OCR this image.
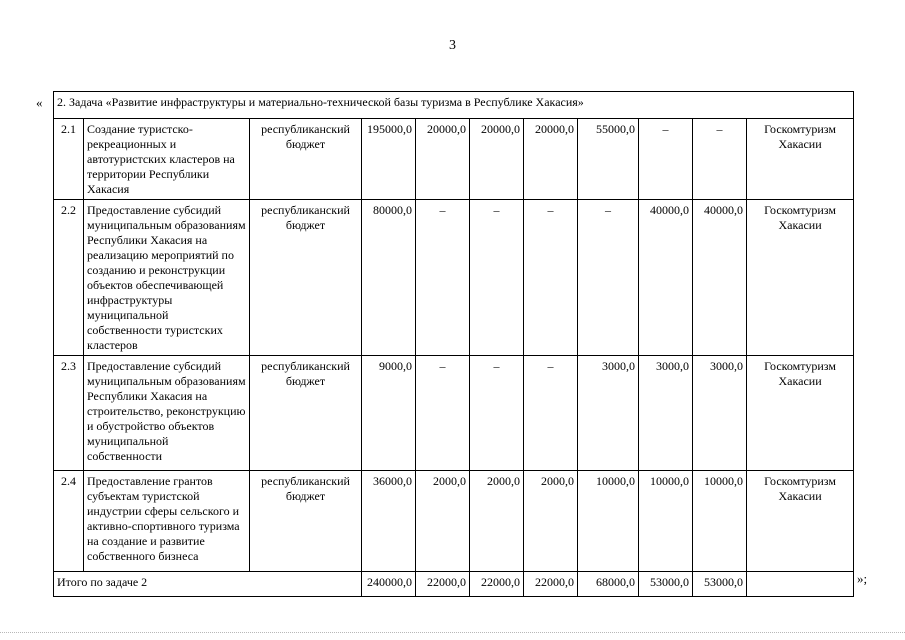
3
« 2. Задача «Развитие инфраструктуры и материально-технической базы туризма в Республике Хакасия»										
2.1	Создание туристско-рекреационных и автотуристских кластеров на территории Республики Хакасия	республиканский бюджет	195000,0	20000,0	20000,0	20000,0	55000,0	–	–	Госкомтуризм Хакасии
2.2	Предоставление субсидий муниципальным образованиям Республики Хакасия на реализацию мероприятий по созданию и реконструкции объектов обеспечивающей инфраструктуры муниципальной собственности туристских кластеров	республиканский бюджет	80000,0	–	–	–	–	40000,0	40000,0	Госкомтуризм Хакасии
2.3	Предоставление субсидий муниципальным образованиям Республики Хакасия на строительство, реконструкцию и обустройство объектов муниципальной собственности	республиканский бюджет	9000,0	–	–	–	3000,0	3000,0	3000,0	Госкомтуризм Хакасии
2.4	Предоставление грантов субъектам туристской индустрии сферы сельского и активно-спортивного туризма на создание и развитие собственного бизнеса	республиканский бюджет	36000,0	2000,0	2000,0	2000,0	10000,0	10000,0	10000,0	Госкомтуризм Хакасии
Итого по задаче 2			240000,0	22000,0	22000,0	22000,0	68000,0	53000,0	53000,0		»;
